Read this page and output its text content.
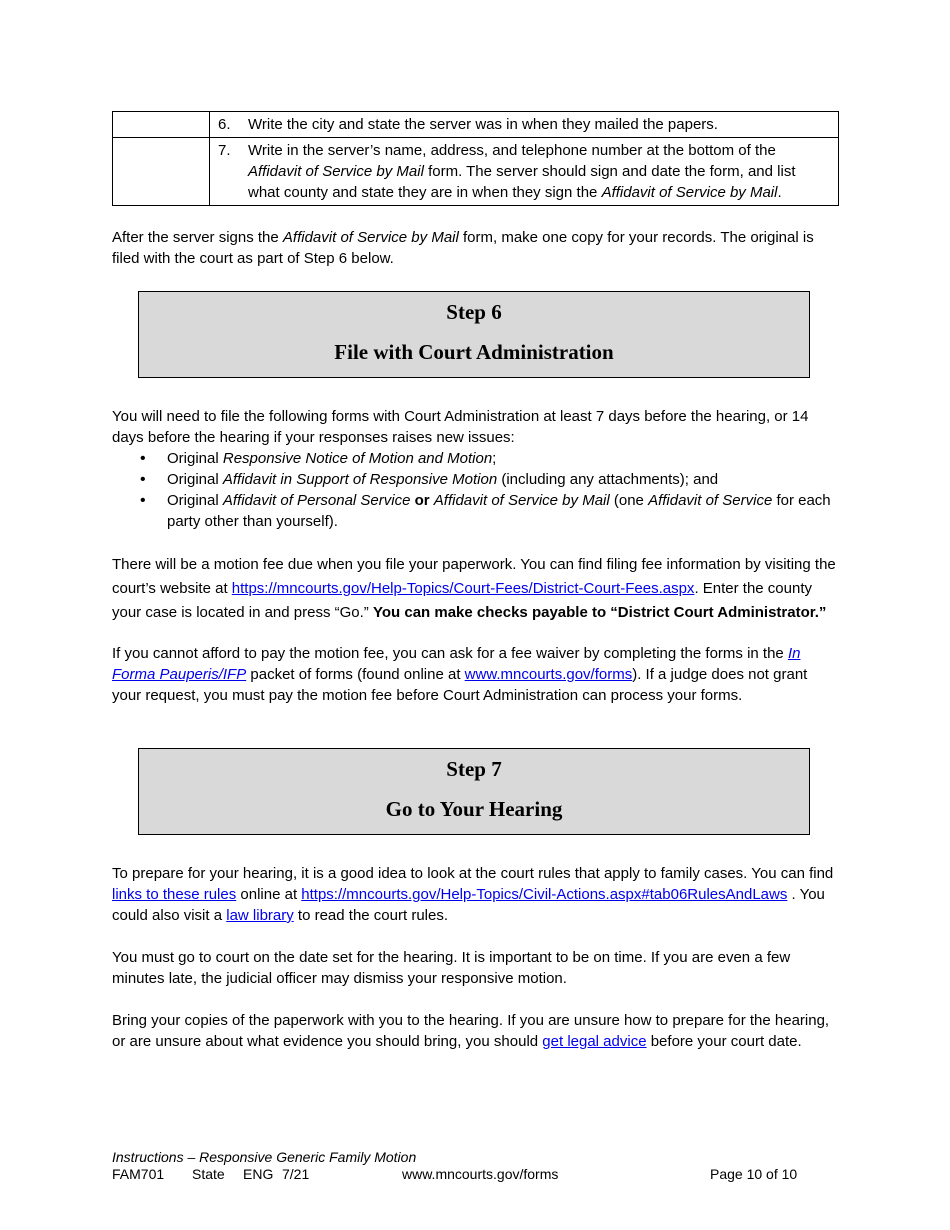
	6. Write the city and state the server was in when they mailed the papers.
	7. Write in the server’s name, address, and telephone number at the bottom of the Affidavit of Service by Mail form. The server should sign and date the form, and list what county and state they are in when they sign the Affidavit of Service by Mail.

After the server signs the Affidavit of Service by Mail form, make one copy for your records. The original is filed with the court as part of Step 6 below.

Step 6
File with Court Administration

You will need to file the following forms with Court Administration at least 7 days before the hearing, or 14 days before the hearing if your responses raises new issues:

• Original Responsive Notice of Motion and Motion;
• Original Affidavit in Support of Responsive Motion (including any attachments); and
• Original Affidavit of Personal Service or Affidavit of Service by Mail (one Affidavit of Service for each party other than yourself).

There will be a motion fee due when you file your paperwork. You can find filing fee information by visiting the court’s website at https://mncourts.gov/Help-Topics/Court-Fees/District-Court-Fees.aspx. Enter the county your case is located in and press “Go.” You can make checks payable to “District Court Administrator.”

If you cannot afford to pay the motion fee, you can ask for a fee waiver by completing the forms in the In Forma Pauperis/IFP packet of forms (found online at www.mncourts.gov/forms). If a judge does not grant your request, you must pay the motion fee before Court Administration can process your forms.

Step 7
Go to Your Hearing

To prepare for your hearing, it is a good idea to look at the court rules that apply to family cases. You can find links to these rules online at https://mncourts.gov/Help-Topics/Civil-Actions.aspx#tab06RulesAndLaws . You could also visit a law library to read the court rules.

You must go to court on the date set for the hearing. It is important to be on time. If you are even a few minutes late, the judicial officer may dismiss your responsive motion.

Bring your copies of the paperwork with you to the hearing. If you are unsure how to prepare for the hearing, or are unsure about what evidence you should bring, you should get legal advice before your court date.

Instructions – Responsive Generic Family Motion
FAM701 State ENG 7/21	www.mncourts.gov/forms	Page 10 of 10
